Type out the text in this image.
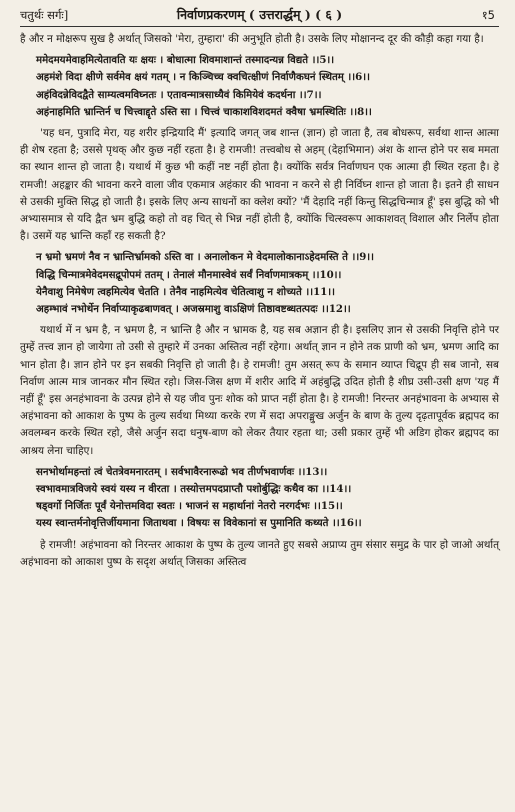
चतुर्थः सर्गः]	निर्वाणप्रकरणम् ( उत्तरार्द्धम् ) ( ६ )	१5

है और न मोक्षरूप सुख है अर्थात् जिसको 'मेरा, तुम्हारा' की अनुभूति होती है। उसके लिए मोक्षानन्द दूर की कौड़ी कहा गया है।

ममेदमयमेवाहमित्येतावति यः क्षयः । बोधात्मा शिवमाशान्तं तस्मादन्यन्न विद्यते ।।5।।
अहमंशे विदा क्षीणे सर्वमेव क्षयं गतम् । न किञ्चिच्च क्वचित्क्षीणं निर्वाणैकघनं स्थितम् ।।6।।
अहंविदन्नेविदद्वैते साम्यत्वमविघ्नतः । एतावन्मात्रसाध्यैवं किमियेवं कदर्थना ।।7।।
अहंनाहमिति भ्रान्तिर्न च चित्त्वाद्दृते ऽस्ति सा । चित्त्वं चाकाशविशदमतं क्वैषा भ्रमस्थितिः ।।8।।

'यह धन, पुत्रादि मेरा, यह शरीर इन्द्रियादि मैं' इत्यादि जगत् जब शान्त (ज्ञान) हो जाता है, तब बोधरूप, सर्वथा शान्त आत्मा ही शेष रहता है; उससे पृथक् और कुछ नहीं रहता है। हे रामजी! तत्त्वबोध से अहम् (देहाभिमान) अंश के शान्त होने पर सब ममता का स्थान शान्त हो जाता है। यथार्थ में कुछ भी कहीं नष्ट नहीं होता है। क्योंकि सर्वत्र निर्वाणघन एक आत्मा ही स्थित रहता है। हे रामजी! अहङ्कार की भावना करने वाला जीव एकमात्र अहंकार की भावना न करने से ही निर्विघ्न शान्त हो जाता है। इतने ही साधन से उसकी मुक्ति सिद्ध हो जाती है। इसके लिए अन्य साधनों का क्लेश क्यों? 'मैं देहादि नहीं किन्तु सिद्धचिन्मात्र हूँ' इस बुद्धि को भी अभ्यासमात्र से यदि द्वैत भ्रम बुद्धि कहो तो वह चित् से भिन्न नहीं होती है, क्योंकि चित्स्वरूप आकाशवत् विशाल और निर्लेप होता है। उसमें यह भ्रान्ति कहाँ रह सकती है?

न भ्रमो भ्रमणं नैव न भ्रान्तिर्भ्रामको ऽस्ति वा । अनालोकन मे वेदमालोकानाऽहेदमस्ति ते ।।9।।
विद्धि चिन्मात्रमेवेदमसद्रूपोपमं ततम् । तेनालं मौनमास्वेवं सर्वं निर्वाणमात्रकम् ।।10।।
येनैवाशु निमेषेण त्वहमित्येव चेतति । तेनैव नाहमित्येव चेतित्वाशु न शोच्यते ।।11।।
अहम्भावं नभोर्थेन निर्वाप्याकृढबाणवत् । अजस्रमाशु वाऽक्षिणं तिष्ठावष्टब्धतत्पदः ।।12।।

यथार्थ में न भ्रम है, न भ्रमण है, न भ्रान्ति है और न भ्रामक है, यह सब अज्ञान ही है। इसलिए ज्ञान से उसकी निवृत्ति होने पर तुम्हें तत्त्व ज्ञान हो जायेगा तो उसी से तुम्हारे में उनका अस्तित्व नहीं रहेगा। अर्थात् ज्ञान न होने तक प्राणी को भ्रम, भ्रमण आदि का भान होता है। ज्ञान होने पर इन सबकी निवृत्ति हो जाती है। हे रामजी! तुम असत् रूप के समान व्याप्त चिद्रूप ही सब जानो, सब निर्वाण आत्म मात्र जानकर मौन स्थित रहो। जिस-जिस क्षण में शरीर आदि में अहंबुद्धि उदित होती है शीघ्र उसी-उसी क्षण 'यह मैं नहीं हूँ' इस अनहंभावना के उत्पन्न होने से यह जीव पुनः शोक को प्राप्त नहीं होता है। हे रामजी! निरन्तर अनहंभावना के अभ्यास से अहंभावना को आकाश के पुष्प के तुल्य सर्वथा मिथ्या करके रण में सदा अपराङ्मुख अर्जुन के बाण के तुल्य दृढ़तापूर्वक ब्रह्मपद का अवलम्बन करके स्थित रहो, जैसे अर्जुन सदा धनुष-बाण को लेकर तैयार रहता था; उसी प्रकार तुम्हें भी अडिग होकर ब्रह्मपद का आश्रय लेना चाहिए।

सनभोर्थामहन्तां त्वं चेतत्रेवमनारतम् । सर्वभावैरनारूढो भव तीर्णभवार्णवः ।।13।।
स्वभावमात्रविजये स्वयं यस्य न वीरता । तस्योत्तमपदप्राप्तौ पशोर्बुद्धिः कथैव का ।।14।।
षड्वर्गो निर्जितः पूर्वं येनोत्तमविदा स्वतः । भाजनं स महार्थानां नेतरो नरगर्दभः ।।15।।
यस्य स्वान्तर्मनोवृत्तिर्जीयमाना जिताथवा । विषयः स विवेकानां स पुमानिति कथ्यते ।।16।।

हे रामजी! अहंभावना को निरन्तर आकाश के पुष्प के तुल्य जानते हुए सबसे अप्राप्य तुम संसार समुद्र के पार हो जाओ अर्थात् अहंभावना को आकाश पुष्प के सदृश अर्थात् जिसका अस्तित्व
